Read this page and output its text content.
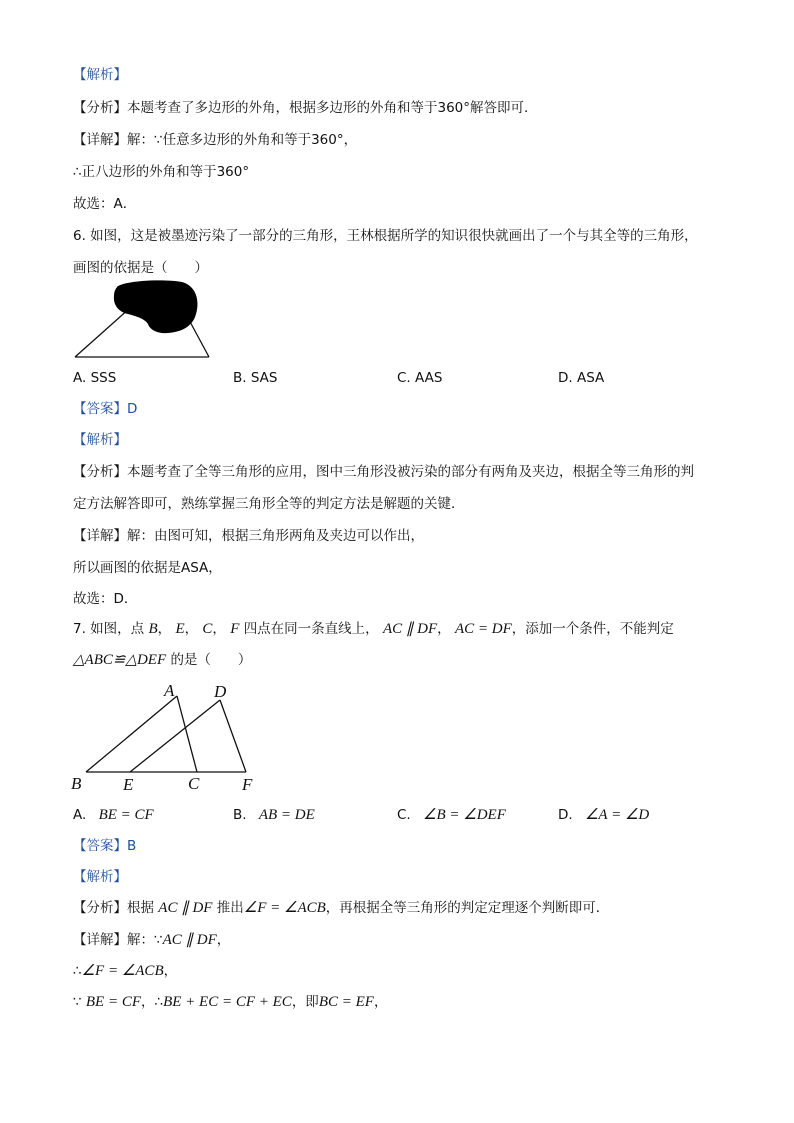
【解析】
【分析】本题考查了多边形的外角，根据多边形的外角和等于360°解答即可．
【详解】解：∵任意多边形的外角和等于360°，
∴正八边形的外角和等于360°
故选：A．
6. 如图，这是被墨迹污染了一部分的三角形，王林根据所学的知识很快就画出了一个与其全等的三角形，
画图的依据是（　　）
A. SSS	B. SAS	C. AAS	D. ASA
【答案】D
【解析】
【分析】本题考查了全等三角形的应用，图中三角形没被污染的部分有两角及夹边，根据全等三角形的判
定方法解答即可，熟练掌握三角形全等的判定方法是解题的关键．
【详解】解：由图可知，根据三角形两角及夹边可以作出，
所以画图的依据是ASA，
故选：D．
7. 如图，点 B， E， C， F 四点在同一条直线上， AC ∥ DF， AC = DF，添加一个条件，不能判定
△ABC≌△DEF 的是（　　）
A D
B E	C	F
A. BE = CF	B. AB = DE	C. ∠B = ∠DEF	D. ∠A = ∠D
【答案】B
【解析】
【分析】根据 AC ∥ DF 推出∠F = ∠ACB，再根据全等三角形的判定定理逐个判断即可．
【详解】解：∵AC ∥ DF，
∴∠F = ∠ACB，
∵ BE = CF，∴BE + EC = CF + EC，即BC = EF，
